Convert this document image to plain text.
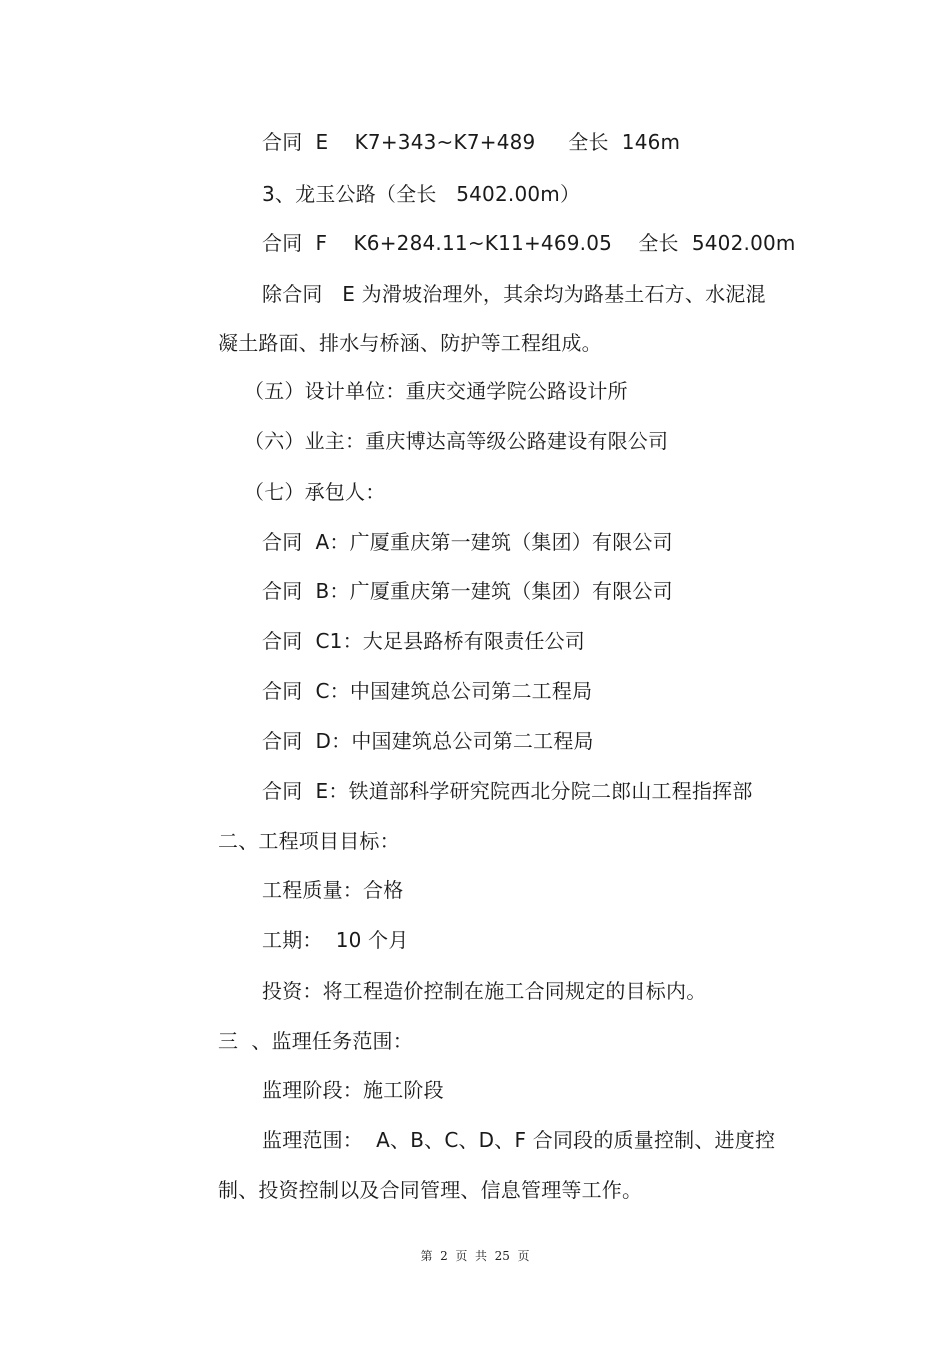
合同  E    K7+343~K7+489     全长  146m
3、龙玉公路（全长   5402.00m）
合同  F    K6+284.11~K11+469.05    全长  5402.00m
除合同   E 为滑坡治理外，其余均为路基土石方、水泥混
凝土路面、排水与桥涵、防护等工程组成。
（五）设计单位：重庆交通学院公路设计所
（六）业主：重庆博达高等级公路建设有限公司
（七）承包人：
合同  A：广厦重庆第一建筑（集团）有限公司
合同  B：广厦重庆第一建筑（集团）有限公司
合同  C1：大足县路桥有限责任公司
合同  C：中国建筑总公司第二工程局
合同  D：中国建筑总公司第二工程局
合同  E：铁道部科学研究院西北分院二郎山工程指挥部
二、工程项目目标：
工程质量：合格
工期：  10 个月
投资：将工程造价控制在施工合同规定的目标内。
三  、监理任务范围：
监理阶段：施工阶段
监理范围：  A、B、C、D、F 合同段的质量控制、进度控
制、投资控制以及合同管理、信息管理等工作。
第  2  页  共  25  页
